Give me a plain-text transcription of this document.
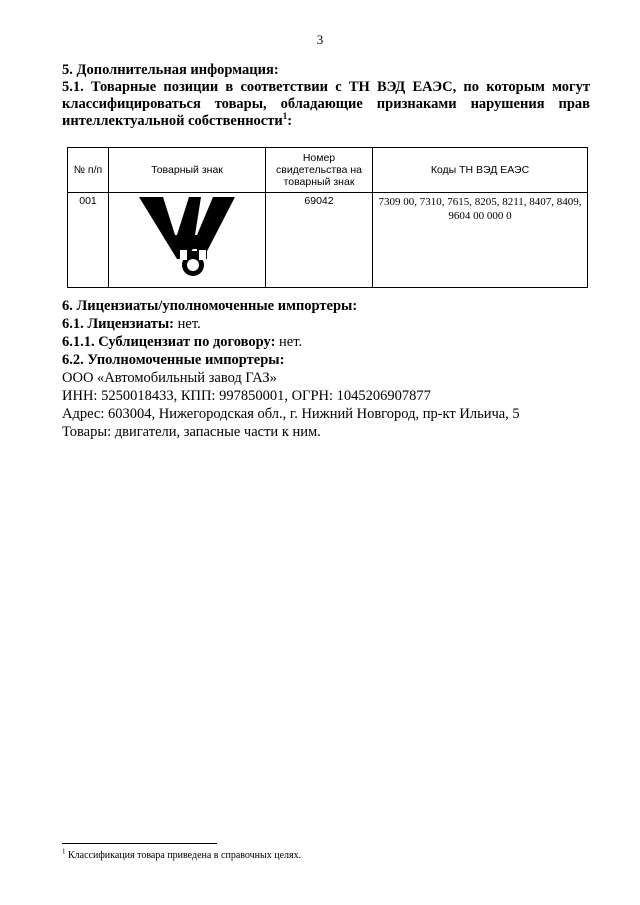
3

5. Дополнительная информация:

5.1. Товарные позиции в соответствии с ТН ВЭД ЕАЭС, по которым могут классифицироваться товары, обладающие признаками нарушения прав интеллектуальной собственности$^1$:

№ п/п	Товарный знак	Номер свидетельства на товарный знак	Коды ТН ВЭД ЕАЭС
001		69042	7309 00, 7310, 7615, 8205, 8211, 8407, 8409, 9604 00 000 0

6. Лицензиаты/уполномоченные импортеры:

6.1. Лицензиаты: нет.

6.1.1. Сублицензиат по договору: нет.

6.2. Уполномоченные импортеры:

ООО «Автомобильный завод ГАЗ»

ИНН: 5250018433, КПП: 997850001, ОГРН: 1045206907877

Адрес: 603004, Нижегородская обл., г. Нижний Новгород, пр-кт Ильича, 5

Товары: двигатели, запасные части к ним.

$^1$ Классификация товара приведена в справочных целях.
